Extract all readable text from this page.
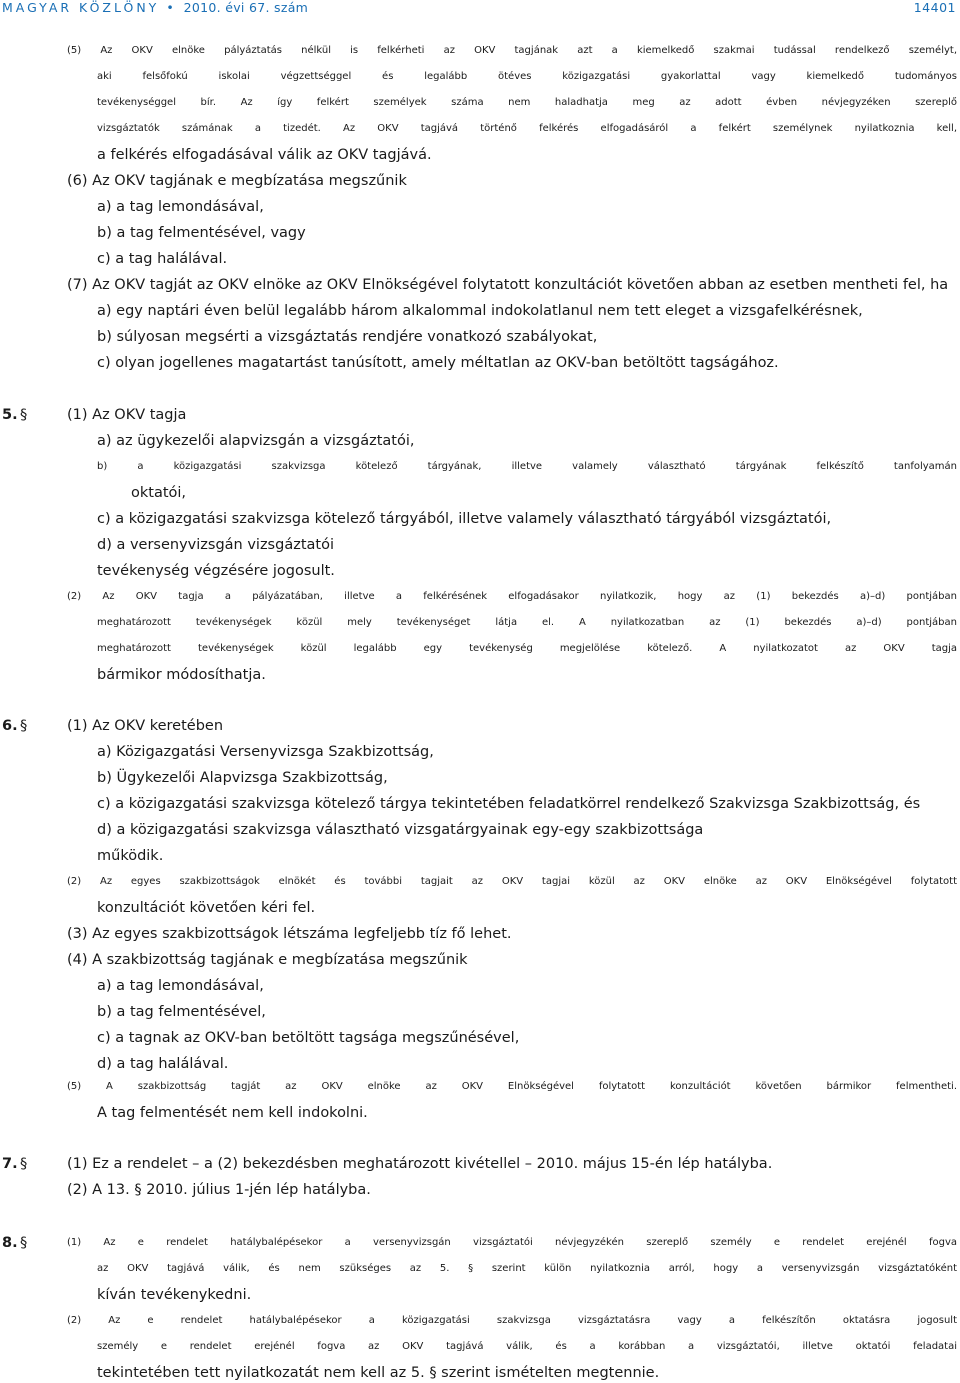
MAGYAR KÖZLÖNY • 2010. évi 67. szám	14401
5. §
6. §
7. §
8. §
(5) Az OKV elnöke pályáztatás nélkül is felkérheti az OKV tagjának azt a kiemelkedő szakmai tudással rendelkező személyt,
aki felsőfokú iskolai végzettséggel és legalább ötéves közigazgatási gyakorlattal vagy kiemelkedő tudományos
tevékenységgel bír. Az így felkért személyek száma nem haladhatja meg az adott évben névjegyzéken szereplő
vizsgáztatók számának a tizedét. Az OKV tagjává történő felkérés elfogadásáról a felkért személynek nyilatkoznia kell,
a felkérés elfogadásával válik az OKV tagjává.
(6) Az OKV tagjának e megbízatása megszűnik
a) a tag lemondásával,
b) a tag felmentésével, vagy
c) a tag halálával.
(7) Az OKV tagját az OKV elnöke az OKV Elnökségével folytatott konzultációt követően abban az esetben mentheti fel, ha
a) egy naptári éven belül legalább három alkalommal indokolatlanul nem tett eleget a vizsgafelkérésnek,
b) súlyosan megsérti a vizsgáztatás rendjére vonatkozó szabályokat,
c) olyan jogellenes magatartást tanúsított, amely méltatlan az OKV-ban betöltött tagságához.
(1) Az OKV tagja
a) az ügykezelői alapvizsgán a vizsgáztatói,
b) a közigazgatási szakvizsga kötelező tárgyának, illetve valamely választható tárgyának felkészítő tanfolyamán
oktatói,
c) a közigazgatási szakvizsga kötelező tárgyából, illetve valamely választható tárgyából vizsgáztatói,
d) a versenyvizsgán vizsgáztatói
tevékenység végzésére jogosult.
(2) Az OKV tagja a pályázatában, illetve a felkérésének elfogadásakor nyilatkozik, hogy az (1) bekezdés a)–d) pontjában
meghatározott tevékenységek közül mely tevékenységet látja el. A nyilatkozatban az (1) bekezdés a)–d) pontjában
meghatározott tevékenységek közül legalább egy tevékenység megjelölése kötelező. A nyilatkozatot az OKV tagja
bármikor módosíthatja.
(1) Az OKV keretében
a) Közigazgatási Versenyvizsga Szakbizottság,
b) Ügykezelői Alapvizsga Szakbizottság,
c) a közigazgatási szakvizsga kötelező tárgya tekintetében feladatkörrel rendelkező Szakvizsga Szakbizottság, és
d) a közigazgatási szakvizsga választható vizsgatárgyainak egy-egy szakbizottsága
működik.
(2) Az egyes szakbizottságok elnökét és további tagjait az OKV tagjai közül az OKV elnöke az OKV Elnökségével folytatott
konzultációt követően kéri fel.
(3) Az egyes szakbizottságok létszáma legfeljebb tíz fő lehet.
(4) A szakbizottság tagjának e megbízatása megszűnik
a) a tag lemondásával,
b) a tag felmentésével,
c) a tagnak az OKV-ban betöltött tagsága megszűnésével,
d) a tag halálával.
(5) A szakbizottság tagját az OKV elnöke az OKV Elnökségével folytatott konzultációt követően bármikor felmentheti.
A tag felmentését nem kell indokolni.
(1) Ez a rendelet – a (2) bekezdésben meghatározott kivétellel – 2010. május 15-én lép hatályba.
(2) A 13. § 2010. július 1-jén lép hatályba.
(1) Az e rendelet hatálybalépésekor a versenyvizsgán vizsgáztatói névjegyzékén szereplő személy e rendelet erejénél fogva
az OKV tagjává válik, és nem szükséges az 5. § szerint külön nyilatkoznia arról, hogy a versenyvizsgán vizsgáztatóként
kíván tevékenykedni.
(2) Az e rendelet hatálybalépésekor a közigazgatási szakvizsga vizsgáztatásra vagy a felkészítőn oktatásra jogosult
személy e rendelet erejénél fogva az OKV tagjává válik, és a korábban a vizsgáztatói, illetve oktatói feladatai
tekintetében tett nyilatkozatát nem kell az 5. § szerint ismételten megtennie.
